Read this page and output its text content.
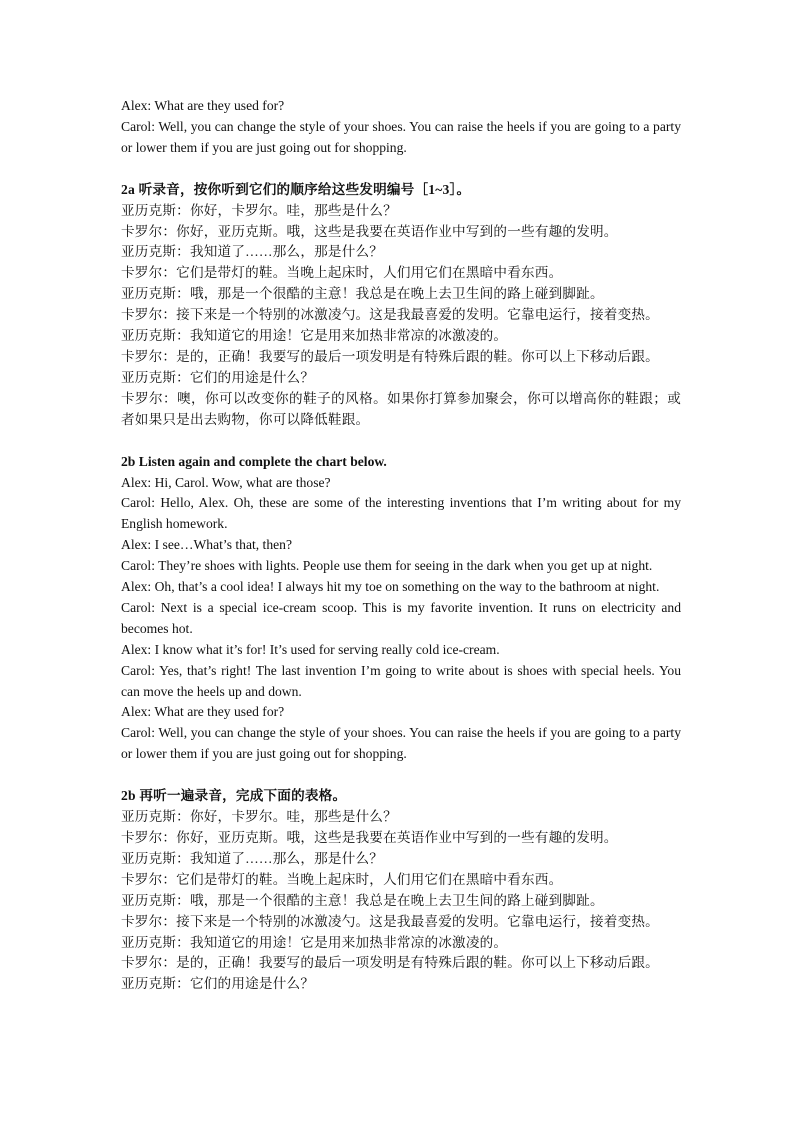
Alex: What are they used for?

Carol: Well, you can change the style of your shoes. You can raise the heels if you are going to a party or lower them if you are just going out for shopping.

2a 听录音，按你听到它们的顺序给这些发明编号［1~3］。

亚历克斯：你好，卡罗尔。哇，那些是什么？

卡罗尔：你好，亚历克斯。哦，这些是我要在英语作业中写到的一些有趣的发明。

亚历克斯：我知道了……那么，那是什么？

卡罗尔：它们是带灯的鞋。当晚上起床时，人们用它们在黑暗中看东西。

亚历克斯：哦，那是一个很酷的主意！我总是在晚上去卫生间的路上碰到脚趾。

卡罗尔：接下来是一个特别的冰激凌勺。这是我最喜爱的发明。它靠电运行，接着变热。

亚历克斯：我知道它的用途！它是用来加热非常凉的冰激凌的。

卡罗尔：是的，正确！我要写的最后一项发明是有特殊后跟的鞋。你可以上下移动后跟。

亚历克斯：它们的用途是什么？

卡罗尔：噢，你可以改变你的鞋子的风格。如果你打算参加聚会，你可以增高你的鞋跟；或者如果只是出去购物，你可以降低鞋跟。

2b Listen again and complete the chart below.

Alex: Hi, Carol. Wow, what are those?

Carol: Hello, Alex. Oh, these are some of the interesting inventions that I’m writing about for my English homework.

Alex: I see…What’s that, then?

Carol: They’re shoes with lights. People use them for seeing in the dark when you get up at night.

Alex: Oh, that’s a cool idea! I always hit my toe on something on the way to the bathroom at night.

Carol: Next is a special ice-cream scoop. This is my favorite invention. It runs on electricity and becomes hot.

Alex: I know what it’s for! It’s used for serving really cold ice-cream.

Carol: Yes, that’s right! The last invention I’m going to write about is shoes with special heels. You can move the heels up and down.

Alex: What are they used for?

Carol: Well, you can change the style of your shoes. You can raise the heels if you are going to a party or lower them if you are just going out for shopping.

2b 再听一遍录音，完成下面的表格。

亚历克斯：你好，卡罗尔。哇，那些是什么？

卡罗尔：你好，亚历克斯。哦，这些是我要在英语作业中写到的一些有趣的发明。

亚历克斯：我知道了……那么，那是什么？

卡罗尔：它们是带灯的鞋。当晚上起床时，人们用它们在黑暗中看东西。

亚历克斯：哦，那是一个很酷的主意！我总是在晚上去卫生间的路上碰到脚趾。

卡罗尔：接下来是一个特别的冰激凌勺。这是我最喜爱的发明。它靠电运行，接着变热。

亚历克斯：我知道它的用途！它是用来加热非常凉的冰激凌的。

卡罗尔：是的，正确！我要写的最后一项发明是有特殊后跟的鞋。你可以上下移动后跟。

亚历克斯：它们的用途是什么？
